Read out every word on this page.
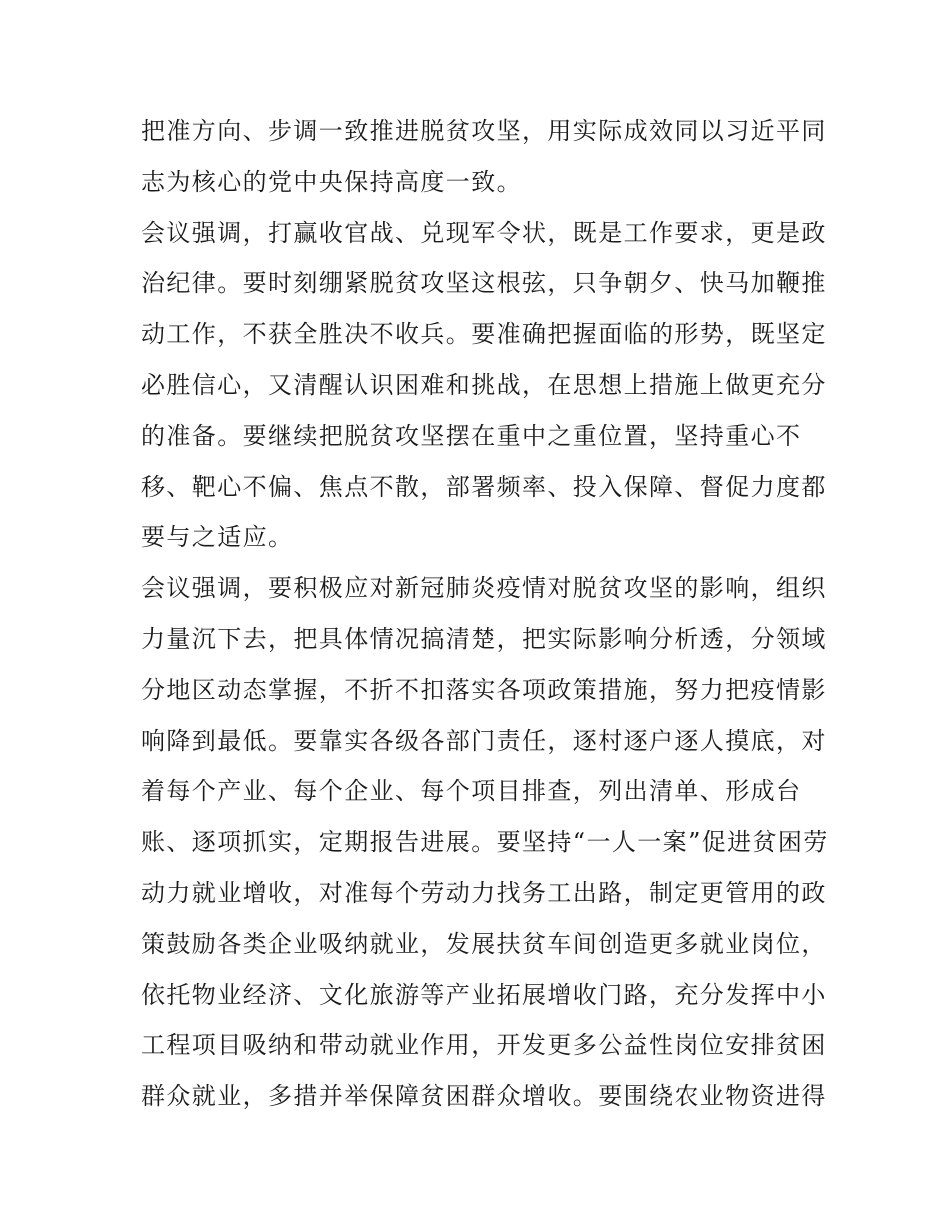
把准方向、步调一致推进脱贫攻坚，用实际成效同以习近平同
志为核心的党中央保持高度一致。
会议强调，打赢收官战、兑现军令状，既是工作要求，更是政
治纪律。要时刻绷紧脱贫攻坚这根弦，只争朝夕、快马加鞭推
动工作，不获全胜决不收兵。要准确把握面临的形势，既坚定
必胜信心，又清醒认识困难和挑战，在思想上措施上做更充分
的准备。要继续把脱贫攻坚摆在重中之重位置，坚持重心不
移、靶心不偏、焦点不散，部署频率、投入保障、督促力度都
要与之适应。
会议强调，要积极应对新冠肺炎疫情对脱贫攻坚的影响，组织
力量沉下去，把具体情况搞清楚，把实际影响分析透，分领域
分地区动态掌握，不折不扣落实各项政策措施，努力把疫情影
响降到最低。要靠实各级各部门责任，逐村逐户逐人摸底，对
着每个产业、每个企业、每个项目排查，列出清单、形成台
账、逐项抓实，定期报告进展。要坚持“一人一案”促进贫困劳
动力就业增收，对准每个劳动力找务工出路，制定更管用的政
策鼓励各类企业吸纳就业，发展扶贫车间创造更多就业岗位，
依托物业经济、文化旅游等产业拓展增收门路，充分发挥中小
工程项目吸纳和带动就业作用，开发更多公益性岗位安排贫困
群众就业，多措并举保障贫困群众增收。要围绕农业物资进得
